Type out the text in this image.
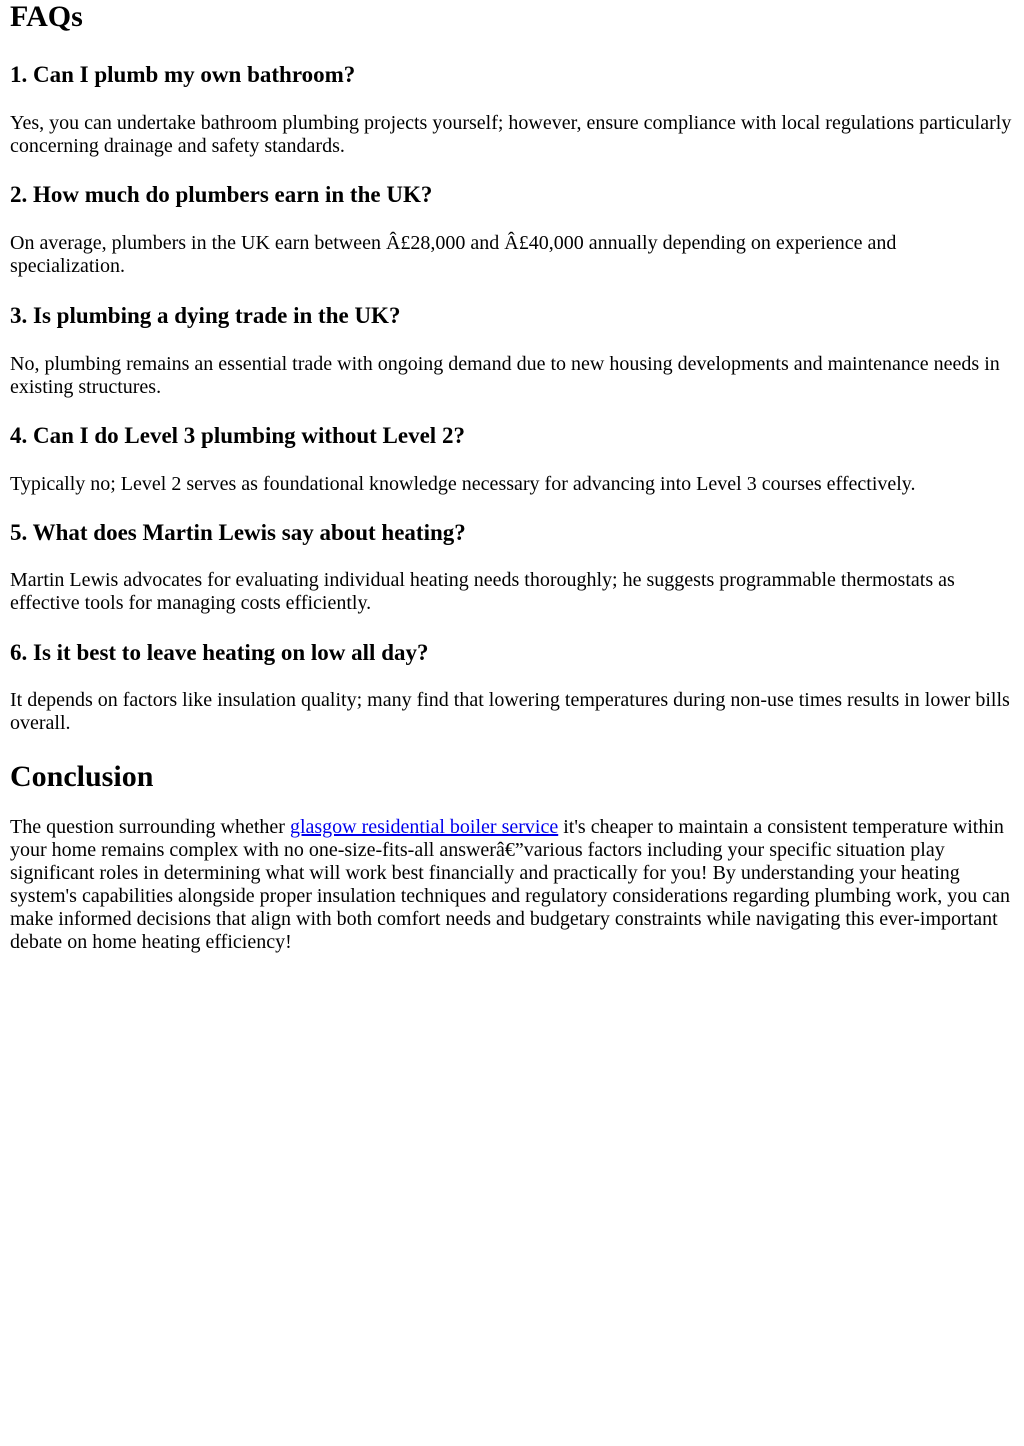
FAQs
1. Can I plumb my own bathroom?

Yes, you can undertake bathroom plumbing projects yourself; however, ensure compliance with local regulations particularly concerning drainage and safety standards.

2. How much do plumbers earn in the UK?

On average, plumbers in the UK earn between Â£28,000 and Â£40,000 annually depending on experience and specialization.

3. Is plumbing a dying trade in the UK?

No, plumbing remains an essential trade with ongoing demand due to new housing developments and maintenance needs in existing structures.

4. Can I do Level 3 plumbing without Level 2?

Typically no; Level 2 serves as foundational knowledge necessary for advancing into Level 3 courses effectively.

5. What does Martin Lewis say about heating?

Martin Lewis advocates for evaluating individual heating needs thoroughly; he suggests programmable thermostats as effective tools for managing costs efficiently.

6. Is it best to leave heating on low all day?

It depends on factors like insulation quality; many find that lowering temperatures during non-use times results in lower bills overall.

Conclusion

The question surrounding whether glasgow residential boiler service it's cheaper to maintain a consistent temperature within your home remains complex with no one-size-fits-all answerâ€”various factors including your specific situation play significant roles in determining what will work best financially and practically for you! By understanding your heating system's capabilities alongside proper insulation techniques and regulatory considerations regarding plumbing work, you can make informed decisions that align with both comfort needs and budgetary constraints while navigating this ever-important debate on home heating efficiency!
